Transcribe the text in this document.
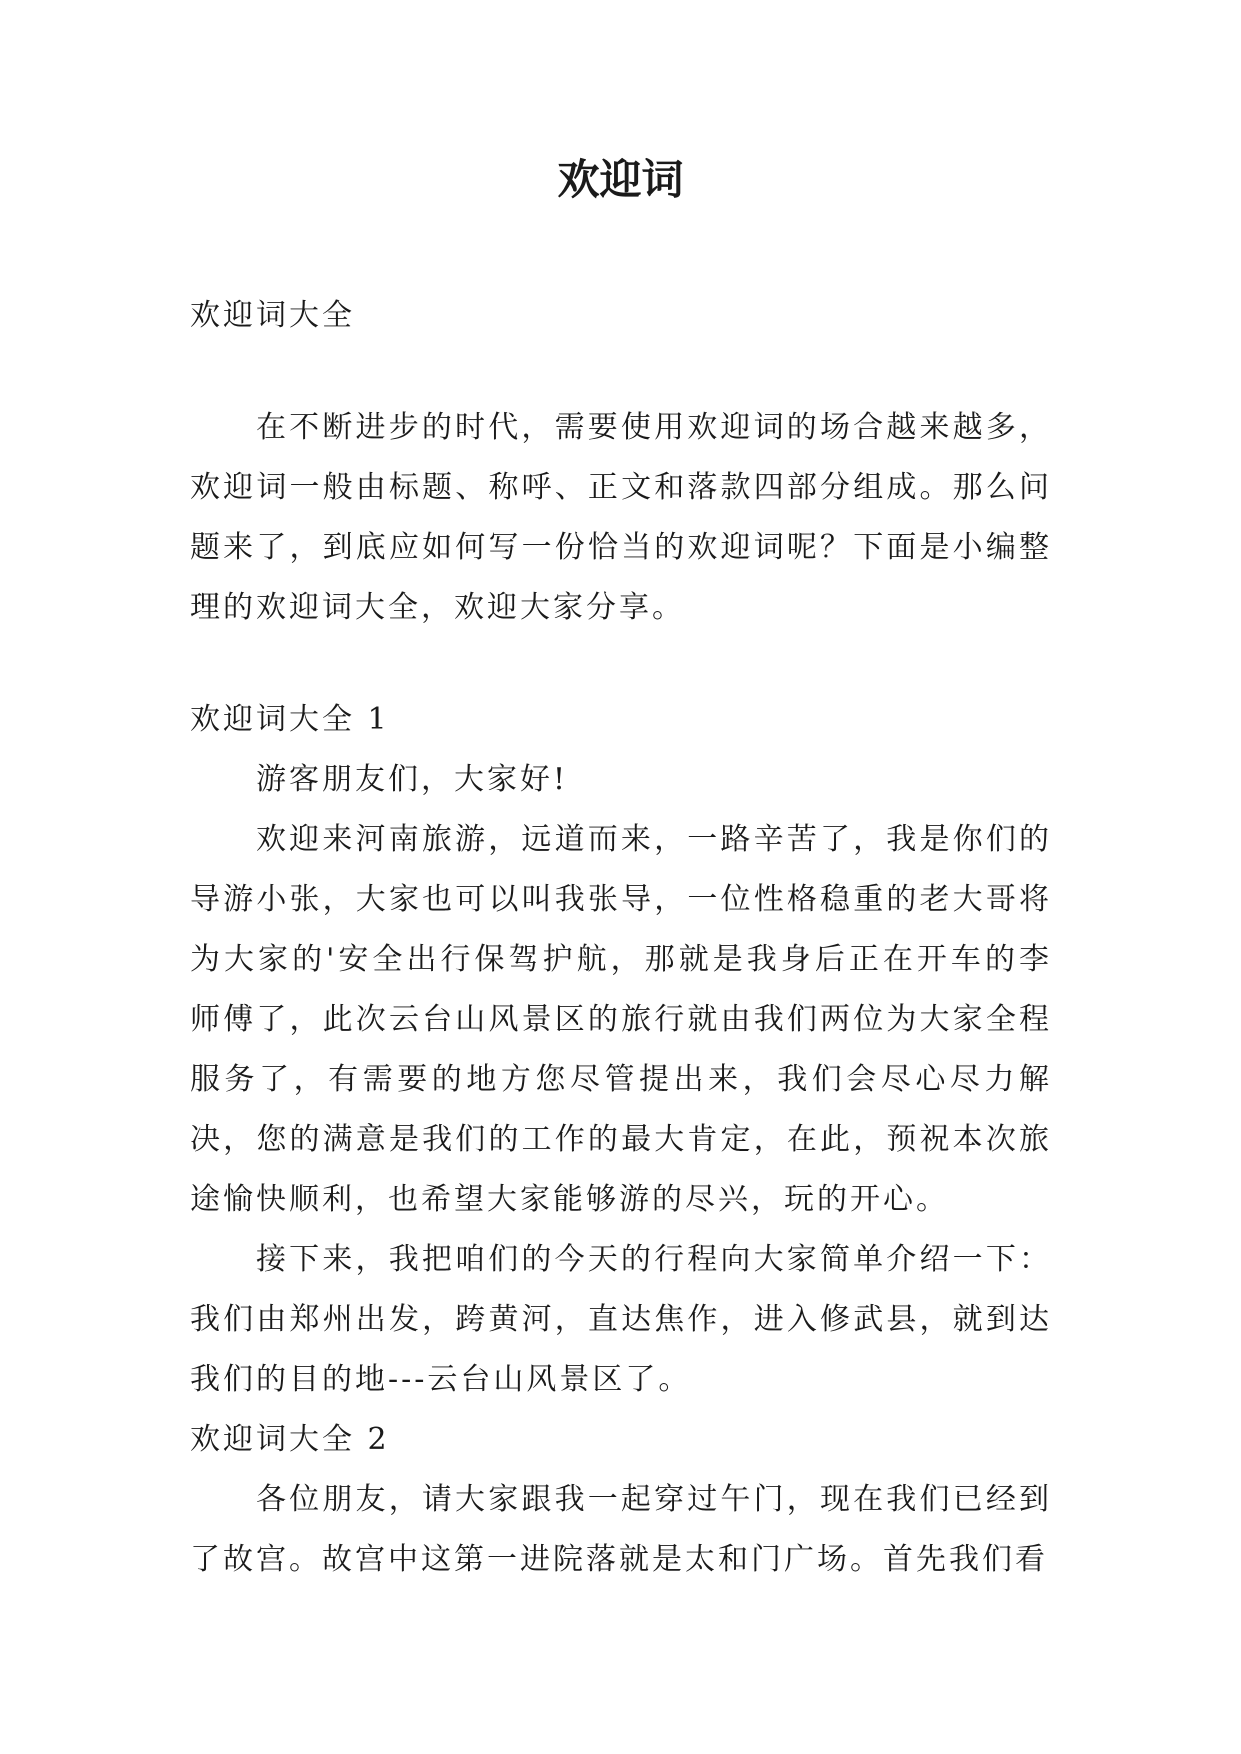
欢迎词
欢迎词大全

在不断进步的时代，需要使用欢迎词的场合越来越多，欢迎词一般由标题、称呼、正文和落款四部分组成。那么问题来了，到底应如何写一份恰当的欢迎词呢？下面是小编整理的欢迎词大全，欢迎大家分享。

欢迎词大全 1

游客朋友们，大家好!

欢迎来河南旅游，远道而来，一路辛苦了，我是你们的导游小张，大家也可以叫我张导，一位性格稳重的老大哥将为大家的'安全出行保驾护航，那就是我身后正在开车的李师傅了，此次云台山风景区的旅行就由我们两位为大家全程服务了，有需要的地方您尽管提出来，我们会尽心尽力解决，您的满意是我们的工作的最大肯定，在此，预祝本次旅途愉快顺利，也希望大家能够游的尽兴，玩的开心。

接下来，我把咱们的今天的行程向大家简单介绍一下：我们由郑州出发，跨黄河，直达焦作，进入修武县，就到达我们的目的地---云台山风景区了。

欢迎词大全 2

各位朋友，请大家跟我一起穿过午门，现在我们已经到了故宫。故宫中这第一进院落就是太和门广场。首先我们看
